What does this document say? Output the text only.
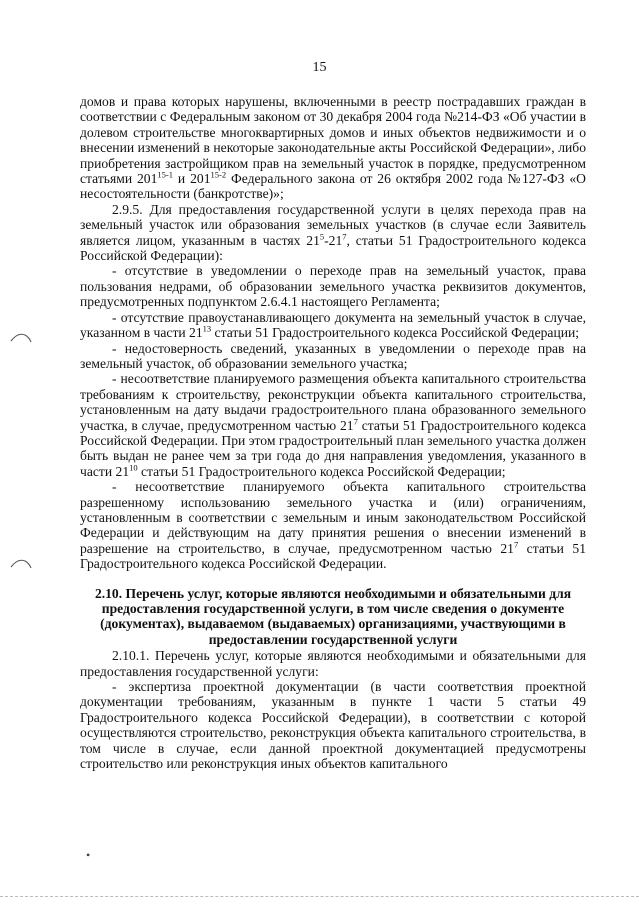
15
•

домов и права которых нарушены, включенными в реестр пострадавших граждан в соответствии с Федеральным законом от 30 декабря 2004 года №214-ФЗ «Об участии в долевом строительстве многоквартирных домов и иных объектов недвижимости и о внесении изменений в некоторые законодательные акты Российской Федерации», либо приобретения застройщиком прав на земельный участок в порядке, предусмотренном статьями 201$^{15-1}$ и 201$^{15-2}$ Федерального закона от 26 октября 2002 года №127-ФЗ «О несостоятельности (банкротстве)»;

2.9.5. Для предоставления государственной услуги в целях перехода прав на земельный участок или образования земельных участков (в случае если Заявитель является лицом, указанным в частях $21^5-21^7$, статьи 51 Градостроительного кодекса Российской Федерации):

- отсутствие в уведомлении о переходе прав на земельный участок, права пользования недрами, об образовании земельного участка реквизитов документов, предусмотренных подпунктом 2.6.4.1 настоящего Регламента;

- отсутствие правоустанавливающего документа на земельный участок в случае, указанном в части $21^{13}$ статьи 51 Градостроительного кодекса Российской Федерации;

- недостоверность сведений, указанных в уведомлении о переходе прав на земельный участок, об образовании земельного участка;

- несоответствие планируемого размещения объекта капитального строительства требованиям к строительству, реконструкции объекта капитального строительства, установленным на дату выдачи градостроительного плана образованного земельного участка, в случае, предусмотренном частью $21^7$ статьи 51 Градостроительного кодекса Российской Федерации. При этом градостроительный план земельного участка должен быть выдан не ранее чем за три года до дня направления уведомления, указанного в части $21^{10}$ статьи 51 Градостроительного кодекса Российской Федерации;

- несоответствие планируемого объекта капитального строительства разрешенному использованию земельного участка и (или) ограничениям, установленным в соответствии с земельным и иным законодательством Российской Федерации и действующим на дату принятия решения о внесении изменений в разрешение на строительство, в случае, предусмотренном частью $21^7$ статьи 51 Градостроительного кодекса Российской Федерации.

2.10. Перечень услуг, которые являются необходимыми и обязательными для предоставления государственной услуги, в том числе сведения о документе (документах), выдаваемом (выдаваемых) организациями, участвующими в предоставлении государственной услуги

2.10.1. Перечень услуг, которые являются необходимыми и обязательными для предоставления государственной услуги:

- экспертиза проектной документации (в части соответствия проектной документации требованиям, указанным в пункте 1 части 5 статьи 49 Градостроительного кодекса Российской Федерации), в соответствии с которой осуществляются строительство, реконструкция объекта капитального строительства, в том числе в случае, если данной проектной документацией предусмотрены строительство или реконструкция иных объектов капитального
